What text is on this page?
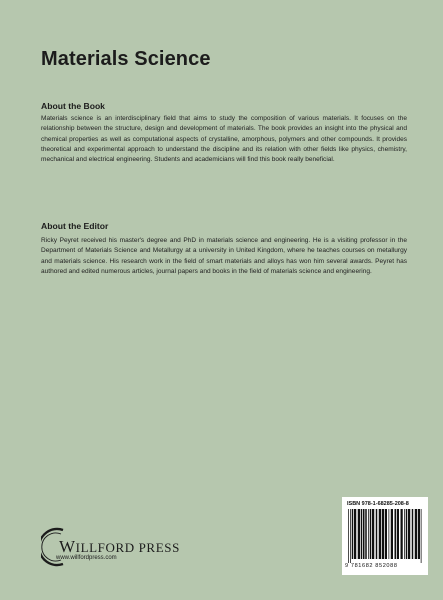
Materials Science
About the Book

Materials science is an interdisciplinary field that aims to study the composition of various materials. It focuses on the relationship between the structure, design and development of materials. The book provides an insight into the physical and chemical properties as well as computational aspects of crystalline, amorphous, polymers and other compounds. It provides theoretical and experimental approach to understand the discipline and its relation with other fields like physics, chemistry, mechanical and electrical engineering. Students and academicians will find this book really beneficial.

About the Editor

Ricky Peyret received his master's degree and PhD in materials science and engineering. He is a visiting professor in the Department of Materials Science and Metallurgy at a university in United Kingdom, where he teaches courses on metallurgy and materials science. His research work in the field of smart materials and alloys has won him several awards. Peyret has authored and edited numerous articles, journal papers and books in the field of materials science and engineering.

WILLFORD PRESS
www.willfordpress.com
ISBN 978-1-68285-208-8
9 781682 852088
